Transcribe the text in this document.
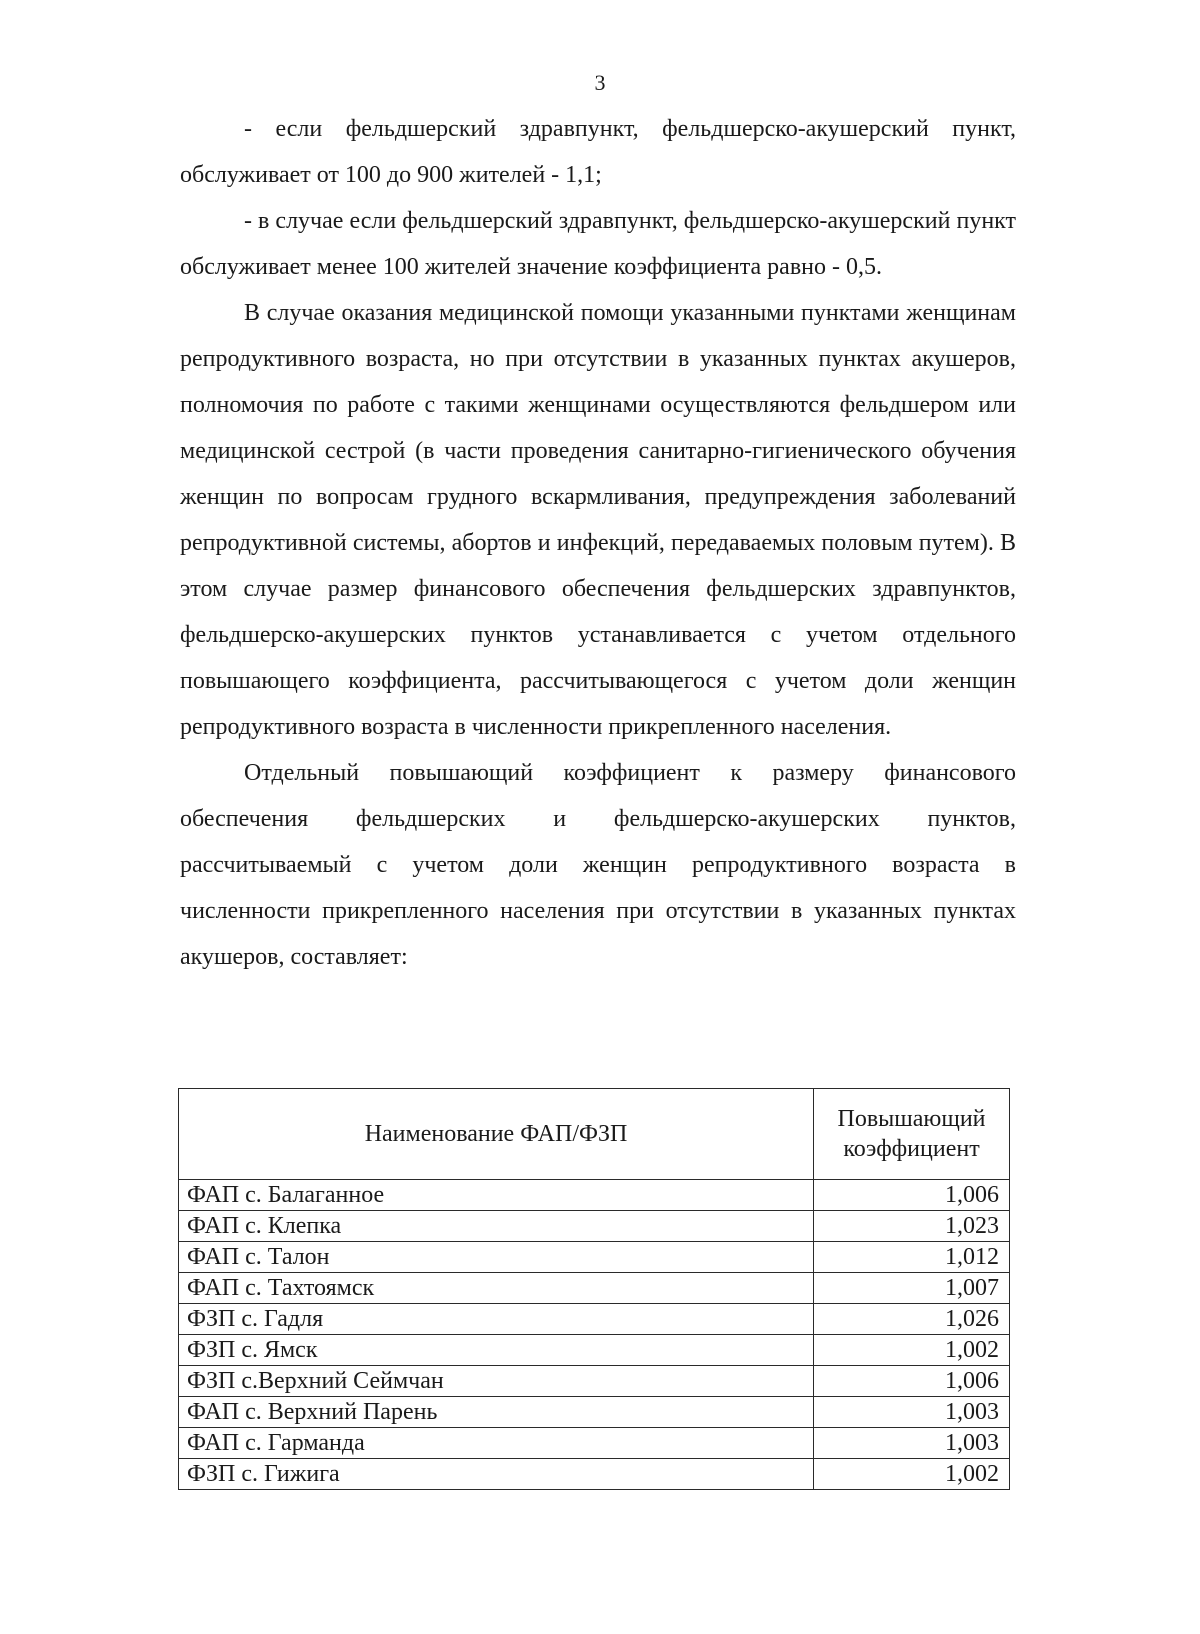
3

- если фельдшерский здравпункт, фельдшерско-акушерский пункт, обслуживает от 100 до 900 жителей - 1,1;

- в случае если фельдшерский здравпункт, фельдшерско-акушерский пункт обслуживает менее 100 жителей значение коэффициента равно - 0,5.

В случае оказания медицинской помощи указанными пунктами женщинам репродуктивного возраста, но при отсутствии в указанных пунктах акушеров, полномочия по работе с такими женщинами осуществляются фельдшером или медицинской сестрой (в части проведения санитарно-гигиенического обучения женщин по вопросам грудного вскармливания, предупреждения заболеваний репродуктивной системы, абортов и инфекций, передаваемых половым путем). В этом случае размер финансового обеспечения фельдшерских здравпунктов, фельдшерско-акушерских пунктов устанавливается с учетом отдельного повышающего коэффициента, рассчитывающегося с учетом доли женщин репродуктивного возраста в численности прикрепленного населения.

Отдельный повышающий коэффициент к размеру финансового обеспечения фельдшерских и фельдшерско-акушерских пунктов, рассчитываемый с учетом доли женщин репродуктивного возраста в численности прикрепленного населения при отсутствии в указанных пунктах акушеров, составляет:

Наименование ФАП/ФЗП	Повышающий
коэффициент
ФАП с. Балаганное	1,006
ФАП с. Клепка	1,023
ФАП с. Талон	1,012
ФАП с. Тахтоямск	1,007
ФЗП с. Гадля	1,026
ФЗП с. Ямск	1,002
ФЗП с.Верхний Сеймчан	1,006
ФАП с. Верхний Парень	1,003
ФАП с. Гарманда	1,003
ФЗП с. Гижига	1,002
